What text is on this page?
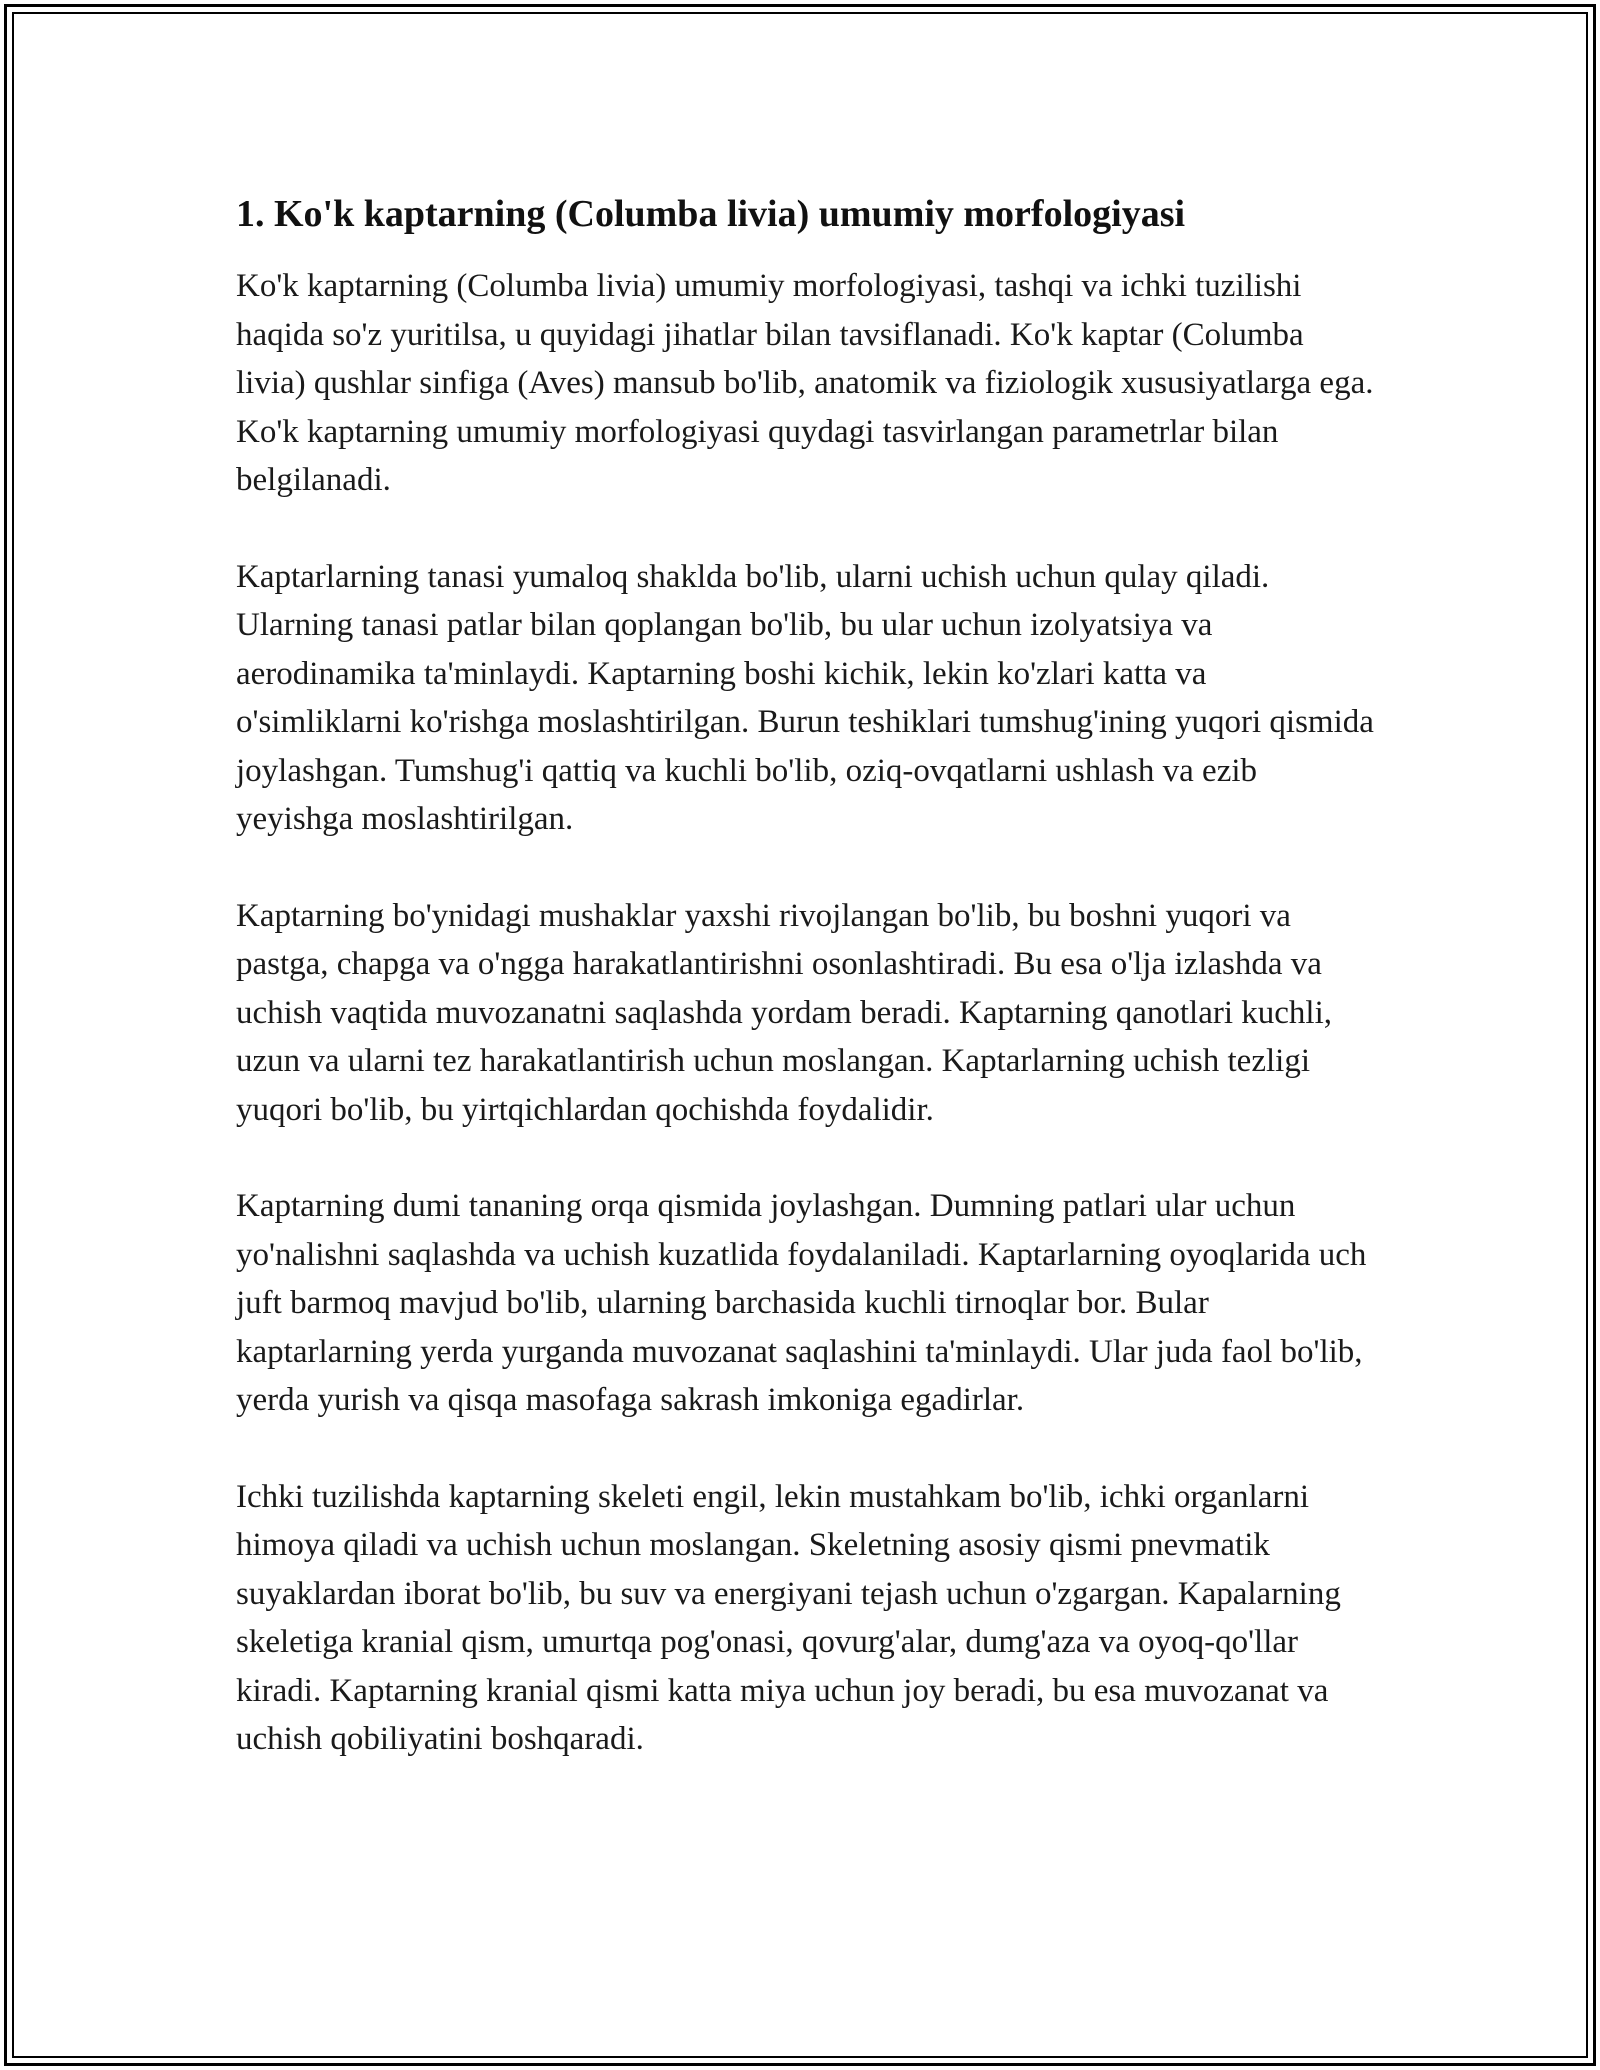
1. Ko'k kaptarning (Columba livia) umumiy morfologiyasi

Ko'k kaptarning (Columba livia) umumiy morfologiyasi, tashqi va ichki tuzilishi haqida so'z yuritilsa, u quyidagi jihatlar bilan tavsiflanadi. Ko'k kaptar (Columba livia) qushlar sinfiga (Aves) mansub bo'lib, anatomik va fiziologik xususiyatlarga ega. Ko'k kaptarning umumiy morfologiyasi quydagi tasvirlangan parametrlar bilan belgilanadi.

Kaptarlarning tanasi yumaloq shaklda bo'lib, ularni uchish uchun qulay qiladi. Ularning tanasi patlar bilan qoplangan bo'lib, bu ular uchun izolyatsiya va aerodinamika ta'minlaydi. Kaptarning boshi kichik, lekin ko'zlari katta va o'simliklarni ko'rishga moslashtirilgan. Burun teshiklari tumshug'ining yuqori qismida joylashgan. Tumshug'i qattiq va kuchli bo'lib, oziq-ovqatlarni ushlash va ezib yeyishga moslashtirilgan.

Kaptarning bo'ynidagi mushaklar yaxshi rivojlangan bo'lib, bu boshni yuqori va pastga, chapga va o'ngga harakatlantirishni osonlashtiradi. Bu esa o'lja izlashda va uchish vaqtida muvozanatni saqlashda yordam beradi. Kaptarning qanotlari kuchli, uzun va ularni tez harakatlantirish uchun moslangan. Kaptarlarning uchish tezligi yuqori bo'lib, bu yirtqichlardan qochishda foydalidir.

Kaptarning dumi tananing orqa qismida joylashgan. Dumning patlari ular uchun yo'nalishni saqlashda va uchish kuzatlida foydalaniladi. Kaptarlarning oyoqlarida uch juft barmoq mavjud bo'lib, ularning barchasida kuchli tirnoqlar bor. Bular kaptarlarning yerda yurganda muvozanat saqlashini ta'minlaydi. Ular juda faol bo'lib, yerda yurish va qisqa masofaga sakrash imkoniga egadirlar.

Ichki tuzilishda kaptarning skeleti engil, lekin mustahkam bo'lib, ichki organlarni himoya qiladi va uchish uchun moslangan. Skeletning asosiy qismi pnevmatik suyaklardan iborat bo'lib, bu suv va energiyani tejash uchun o'zgargan. Kapalarning skeletiga kranial qism, umurtqa pog'onasi, qovurg'alar, dumg'aza va oyoq-qo'llar kiradi. Kaptarning kranial qismi katta miya uchun joy beradi, bu esa muvozanat va uchish qobiliyatini boshqaradi.
